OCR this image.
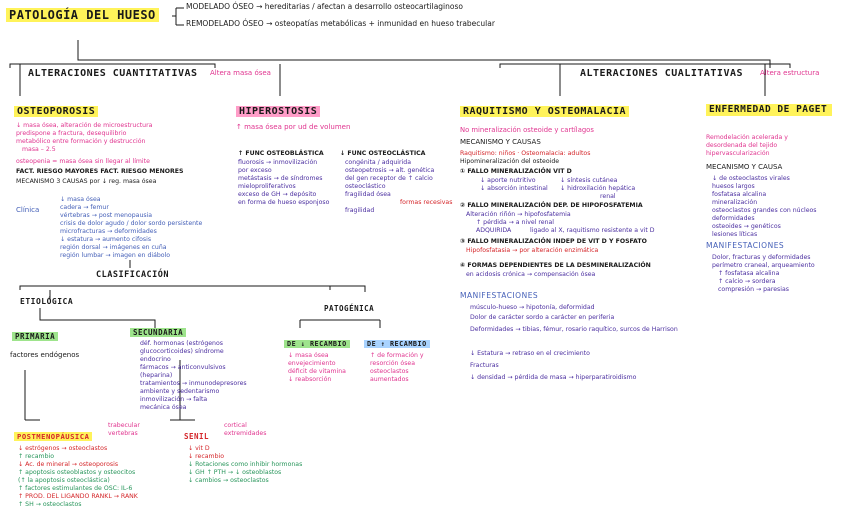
PATOLOGÍA DEL HUESO
MODELADO ÓSEO → hereditarias / afectan a desarrollo osteocartilaginoso
REMODELADO ÓSEO → osteopatías metabólicas + inmunidad en hueso trabecular
ALTERACIONES CUANTITATIVAS Altera masa ósea	ALTERACIONES CUALITATIVAS Altera estructura
OSTEOPOROSIS
↓ masa ósea, alteración de microestructura
predispone a fractura, desequilibrio
metabólico entre formación y destrucción
masa – 2.5
osteopenia = masa ósea sin llegar al límite
FACT. RIESGO MAYORES FACT. RIESGO MENORES
MECANISMO 3 CAUSAS por ↓ reg. masa ósea
Clínica
↓ masa ósea
cadera → femur
vértebras → post menopausia
crisis de dolor agudo / dolor sordo persistente
microfracturas → deformidades
↓ estatura → aumento cifosis
región dorsal → imágenes en cuña
región lumbar → imagen en diábolo
HIPEROSTOSIS
↑ masa ósea por ud de volumen
↑ FUNC OSTEOBLÁSTICA
fluorosis → inmovilización
por exceso
metástasis → de síndromes
mieloproliferativos
exceso de GH → depósito
en forma de hueso esponjoso
↓ FUNC OSTEOCLÁSTICA
congénita / adquirida
osteopetrosis → alt. genética
del gen receptor de ↑ calcio
osteoclástico
fragilidad ósea
formas recesivas
fragilidad
CLASIFICACIÓN
ETIOLÓGICA
PATOGÉNICA
PRIMARIA
factores endógenos
SECUNDARIA
déf. hormonas (estrógenos
glucocorticoides) síndrome
endocrino
fármacos → anticonvulsivos
(heparina)
tratamientos → inmunodepresores
ambiente y sedentarismo
inmovilización → falta
mecánica ósea
DE ↓ RECAMBIO
↓ masa ósea
envejecimiento
déficit de vitamina
↓ reabsorción
DE ↑ RECAMBIO
↑ de formación y
resorción ósea
osteoclastos
aumentados
POSTMENOPÁUSICA
trabecular
vertebras
↓ estrógenos → osteoclastos
↑ recambio
↓ Ac. de mineral → osteoporosis
↑ apoptosis osteoblastos y osteocitos
(↑ la apoptosis osteoclástica)
↑ factores estimulantes de OSC: IL-6
↑ PROD. DEL LIGANDO RANKL → RANK
↑ SH → osteoclastos
SENIL
cortical
extremidades
↓ vit D
↓ recambio
↓ Rotaciones como inhibir hormonas
↓ GH ↑ PTH → ↓ osteoblastos
↓ cambios → osteoclastos
RAQUITISMO Y OSTEOMALACIA
No mineralización osteoide y cartílagos
MECANISMO Y CAUSAS
Raquitismo: niños · Osteomalacia: adultos
Hipomineralización del osteoide
① FALLO MINERALIZACIÓN VIT D
↓ aporte nutritivo
↓ absorción intestinal
↓ síntesis cutánea
↓ hidroxilación hepática
renal
② FALLO MINERALIZACIÓN DEP. DE HIPOFOSFATEMIA
Alteración riñón → hipofosfatemia
↑ pérdida → a nivel renal
ADQUIRIDA	ligado al X, raquitismo resistente a vit D
③ FALLO MINERALIZACIÓN INDEP DE VIT D Y FOSFATO
Hipofosfatasia → por alteración enzimática
④ FORMAS DEPENDIENTES DE LA DESMINERALIZACIÓN
en acidosis crónica → compensación ósea
MANIFESTACIONES
músculo-hueso → hipotonía, deformidad
Dolor de carácter sordo a carácter en periferia
Deformidades → tibias, fémur, rosario raquítico, surcos de Harrison
↓ Estatura → retraso en el crecimiento
Fracturas
↓ densidad → pérdida de masa → hiperparatiroidismo
ENFERMEDAD DE PAGET
Remodelación acelerada y
desordenada del tejido
hipervascularización
MECANISMO Y CAUSA
↓ de osteoclastos virales
huesos largos
fosfatasa alcalina
mineralización
osteoclastos grandes con núcleos
deformidades
osteoides → genéticos
lesiones líticas
MANIFESTACIONES
Dolor, fracturas y deformidades
perímetro craneal, arqueamiento
↑ fosfatasa alcalina
↑ calcio → sordera
compresión → paresias
